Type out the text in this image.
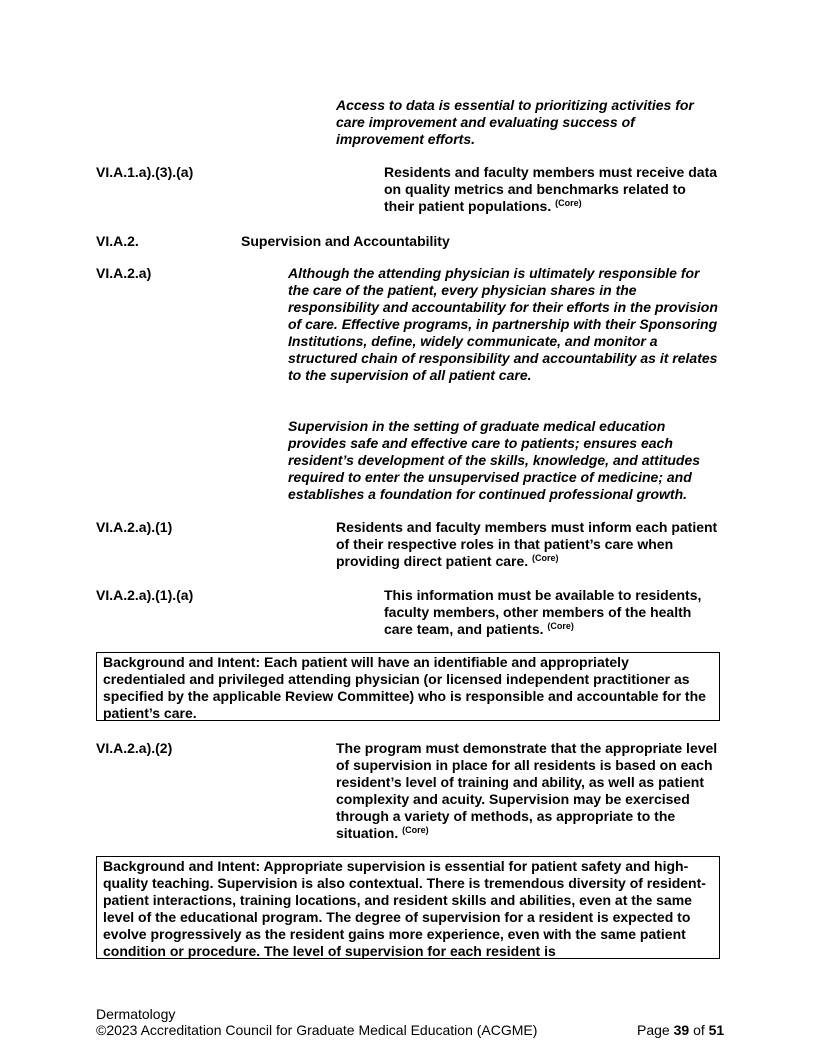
Access to data is essential to prioritizing activities for care improvement and evaluating success of improvement efforts.
VI.A.1.a).(3).(a)	Residents and faculty members must receive data on quality metrics and benchmarks related to their patient populations. $^{(Core)}$
VI.A.2.	Supervision and Accountability
VI.A.2.a)	Although the attending physician is ultimately responsible for the care of the patient, every physician shares in the responsibility and accountability for their efforts in the provision of care. Effective programs, in partnership with their Sponsoring Institutions, define, widely communicate, and monitor a structured chain of responsibility and accountability as it relates to the supervision of all patient care.
Supervision in the setting of graduate medical education provides safe and effective care to patients; ensures each resident’s development of the skills, knowledge, and attitudes required to enter the unsupervised practice of medicine; and establishes a foundation for continued professional growth.
VI.A.2.a).(1)	Residents and faculty members must inform each patient of their respective roles in that patient’s care when providing direct patient care. $^{(Core)}$
VI.A.2.a).(1).(a)	This information must be available to residents, faculty members, other members of the health care team, and patients. $^{(Core)}$
Background and Intent: Each patient will have an identifiable and appropriately credentialed and privileged attending physician (or licensed independent practitioner as specified by the applicable Review Committee) who is responsible and accountable for the patient’s care.
VI.A.2.a).(2)	The program must demonstrate that the appropriate level of supervision in place for all residents is based on each resident’s level of training and ability, as well as patient complexity and acuity. Supervision may be exercised through a variety of methods, as appropriate to the situation. $^{(Core)}$
Background and Intent: Appropriate supervision is essential for patient safety and high-quality teaching. Supervision is also contextual. There is tremendous diversity of resident-patient interactions, training locations, and resident skills and abilities, even at the same level of the educational program. The degree of supervision for a resident is expected to evolve progressively as the resident gains more experience, even with the same patient condition or procedure. The level of supervision for each resident is
Dermatology
©2023 Accreditation Council for Graduate Medical Education (ACGME)	Page 39 of 51
